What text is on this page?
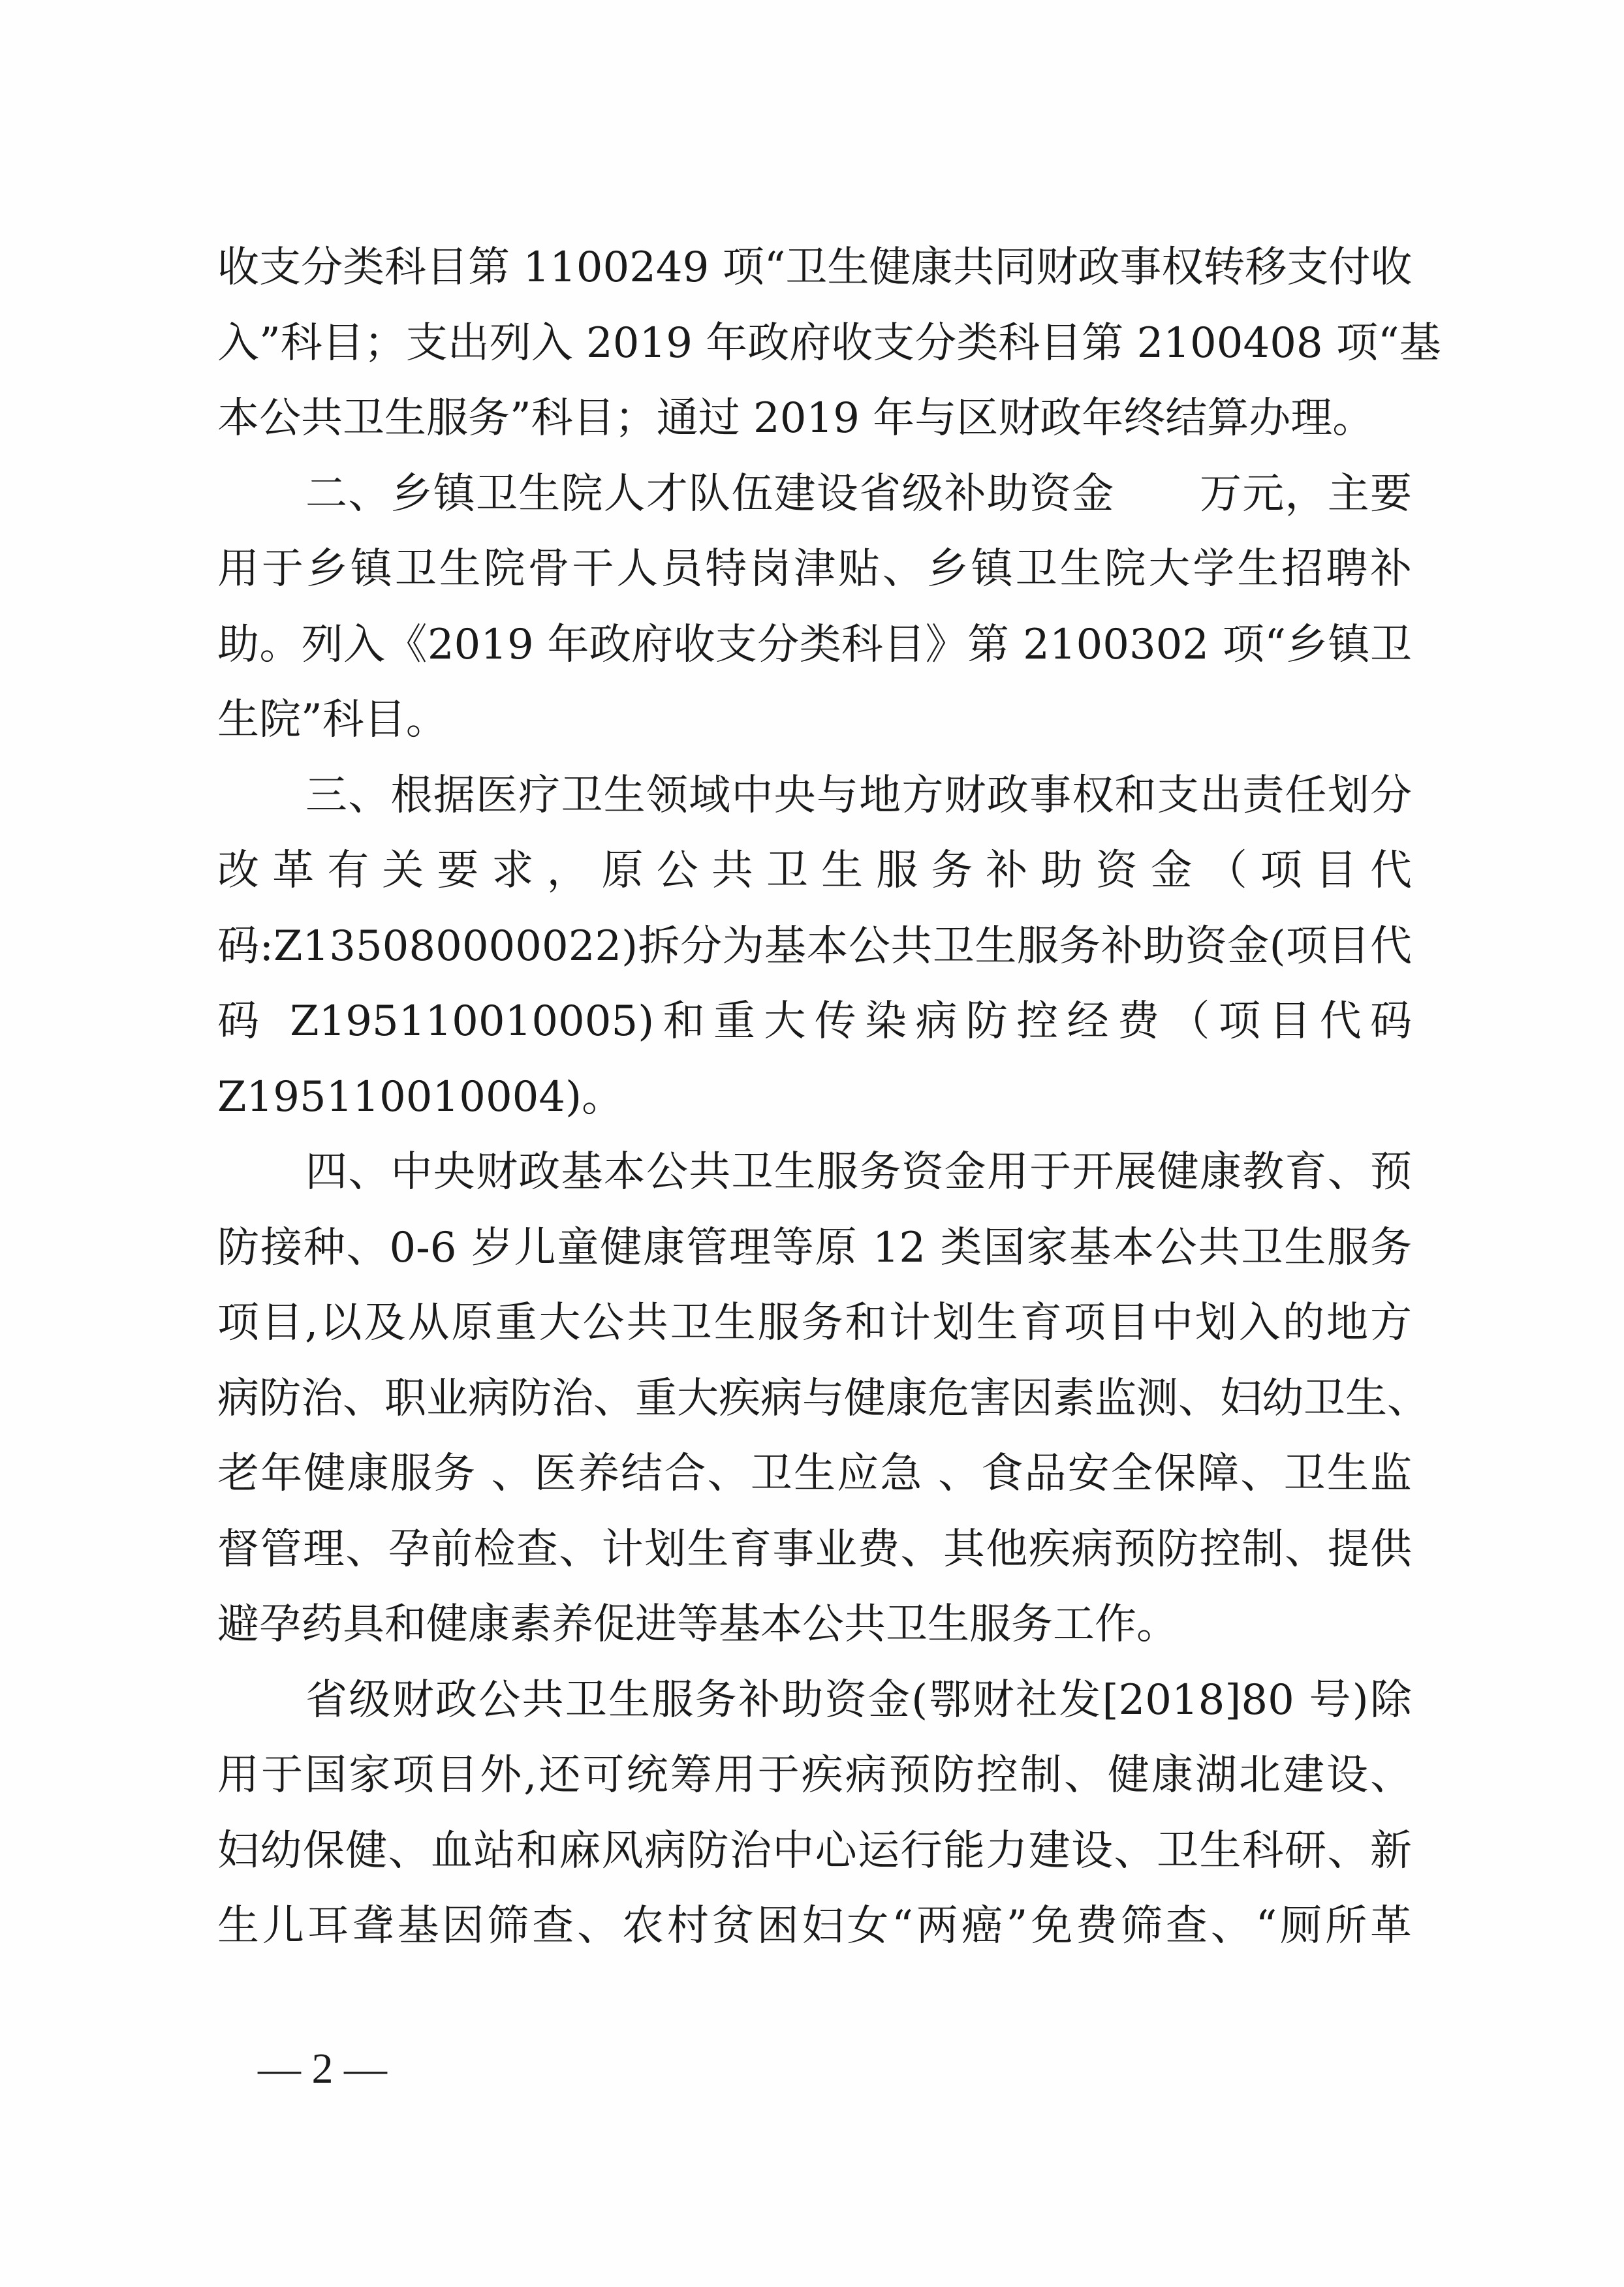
收支分类科目第 1100249 项“卫生健康共同财政事权转移支付收
入”科目；支出列入 2019 年政府收支分类科目第 2100408 项“基
本公共卫生服务”科目；通过 2019 年与区财政年终结算办理。
二、乡镇卫生院人才队伍建设省级补助资金　　万元，主要
用于乡镇卫生院骨干人员特岗津贴、乡镇卫生院大学生招聘补
助。列入《2019 年政府收支分类科目》第 2100302 项“乡镇卫
生院”科目。
三、根据医疗卫生领域中央与地方财政事权和支出责任划分
改革有关要求，原公共卫生服务补助资金（项目代
码:Z135080000022)拆分为基本公共卫生服务补助资金(项目代
码 Z195110010005)和重大传染病防控经费（项目代码
Z195110010004)。
四、中央财政基本公共卫生服务资金用于开展健康教育、预
防接种、0-6 岁儿童健康管理等原 12 类国家基本公共卫生服务
项目,以及从原重大公共卫生服务和计划生育项目中划入的地方
病防治、职业病防治、重大疾病与健康危害因素监测、妇幼卫生、
老年健康服务 、医养结合、卫生应急 、食品安全保障、卫生监
督管理、孕前检查、计划生育事业费、其他疾病预防控制、提供
避孕药具和健康素养促进等基本公共卫生服务工作。
省级财政公共卫生服务补助资金(鄂财社发[2018]80 号)除
用于国家项目外,还可统筹用于疾病预防控制、健康湖北建设、
妇幼保健、血站和麻风病防治中心运行能力建设、卫生科研、新
生儿耳聋基因筛查、农村贫困妇女“两癌”免费筛查、“厕所革
— 2 —
